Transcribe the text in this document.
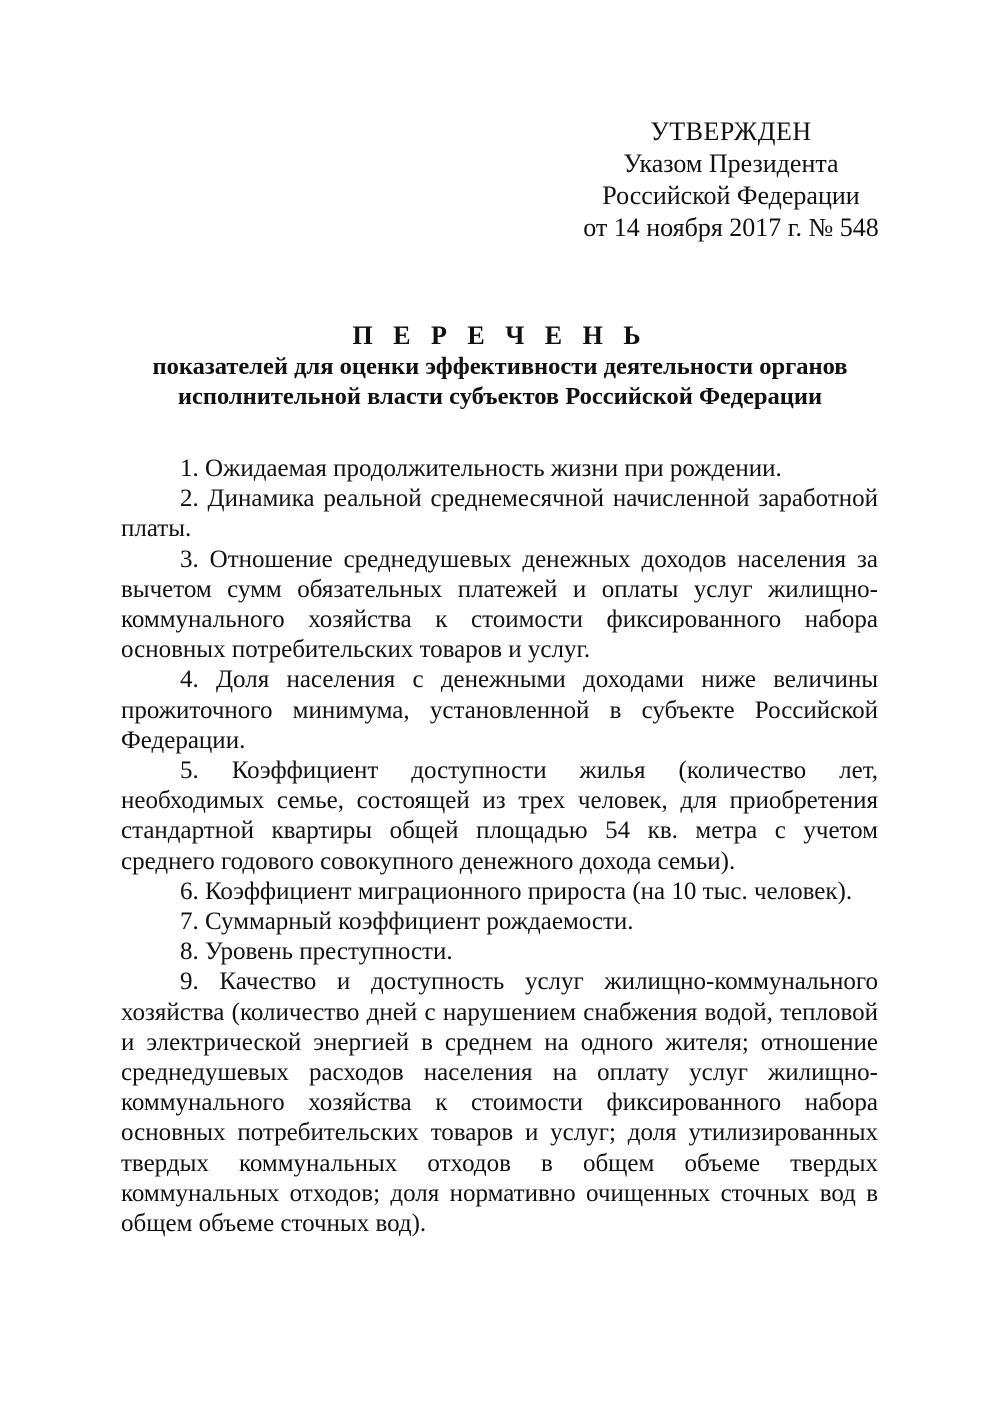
УТВЕРЖДЕН
Указом Президента
Российской Федерации
от 14 ноября 2017 г. № 548
П Е Р Е Ч Е Н Ь
показателей для оценки эффективности деятельности органов
исполнительной власти субъектов Российской Федерации

1. Ожидаемая продолжительность жизни при рождении.

2. Динамика реальной среднемесячной начисленной заработной платы.

3. Отношение среднедушевых денежных доходов населения за вычетом сумм обязательных платежей и оплаты услуг жилищно-коммунального хозяйства к стоимости фиксированного набора основных потребительских товаров и услуг.

4. Доля населения с денежными доходами ниже величины прожиточного минимума, установленной в субъекте Российской Федерации.

5. Коэффициент доступности жилья (количество лет, необходимых семье, состоящей из трех человек, для приобретения стандартной квартиры общей площадью 54 кв. метра с учетом среднего годового совокупного денежного дохода семьи).

6. Коэффициент миграционного прироста (на 10 тыс. человек).

7. Суммарный коэффициент рождаемости.

8. Уровень преступности.

9. Качество и доступность услуг жилищно-коммунального хозяйства (количество дней с нарушением снабжения водой, тепловой и электрической энергией в среднем на одного жителя; отношение среднедушевых расходов населения на оплату услуг жилищно-коммунального хозяйства к стоимости фиксированного набора основных потребительских товаров и услуг; доля утилизированных твердых коммунальных отходов в общем объеме твердых коммунальных отходов; доля нормативно очищенных сточных вод в общем объеме сточных вод).
